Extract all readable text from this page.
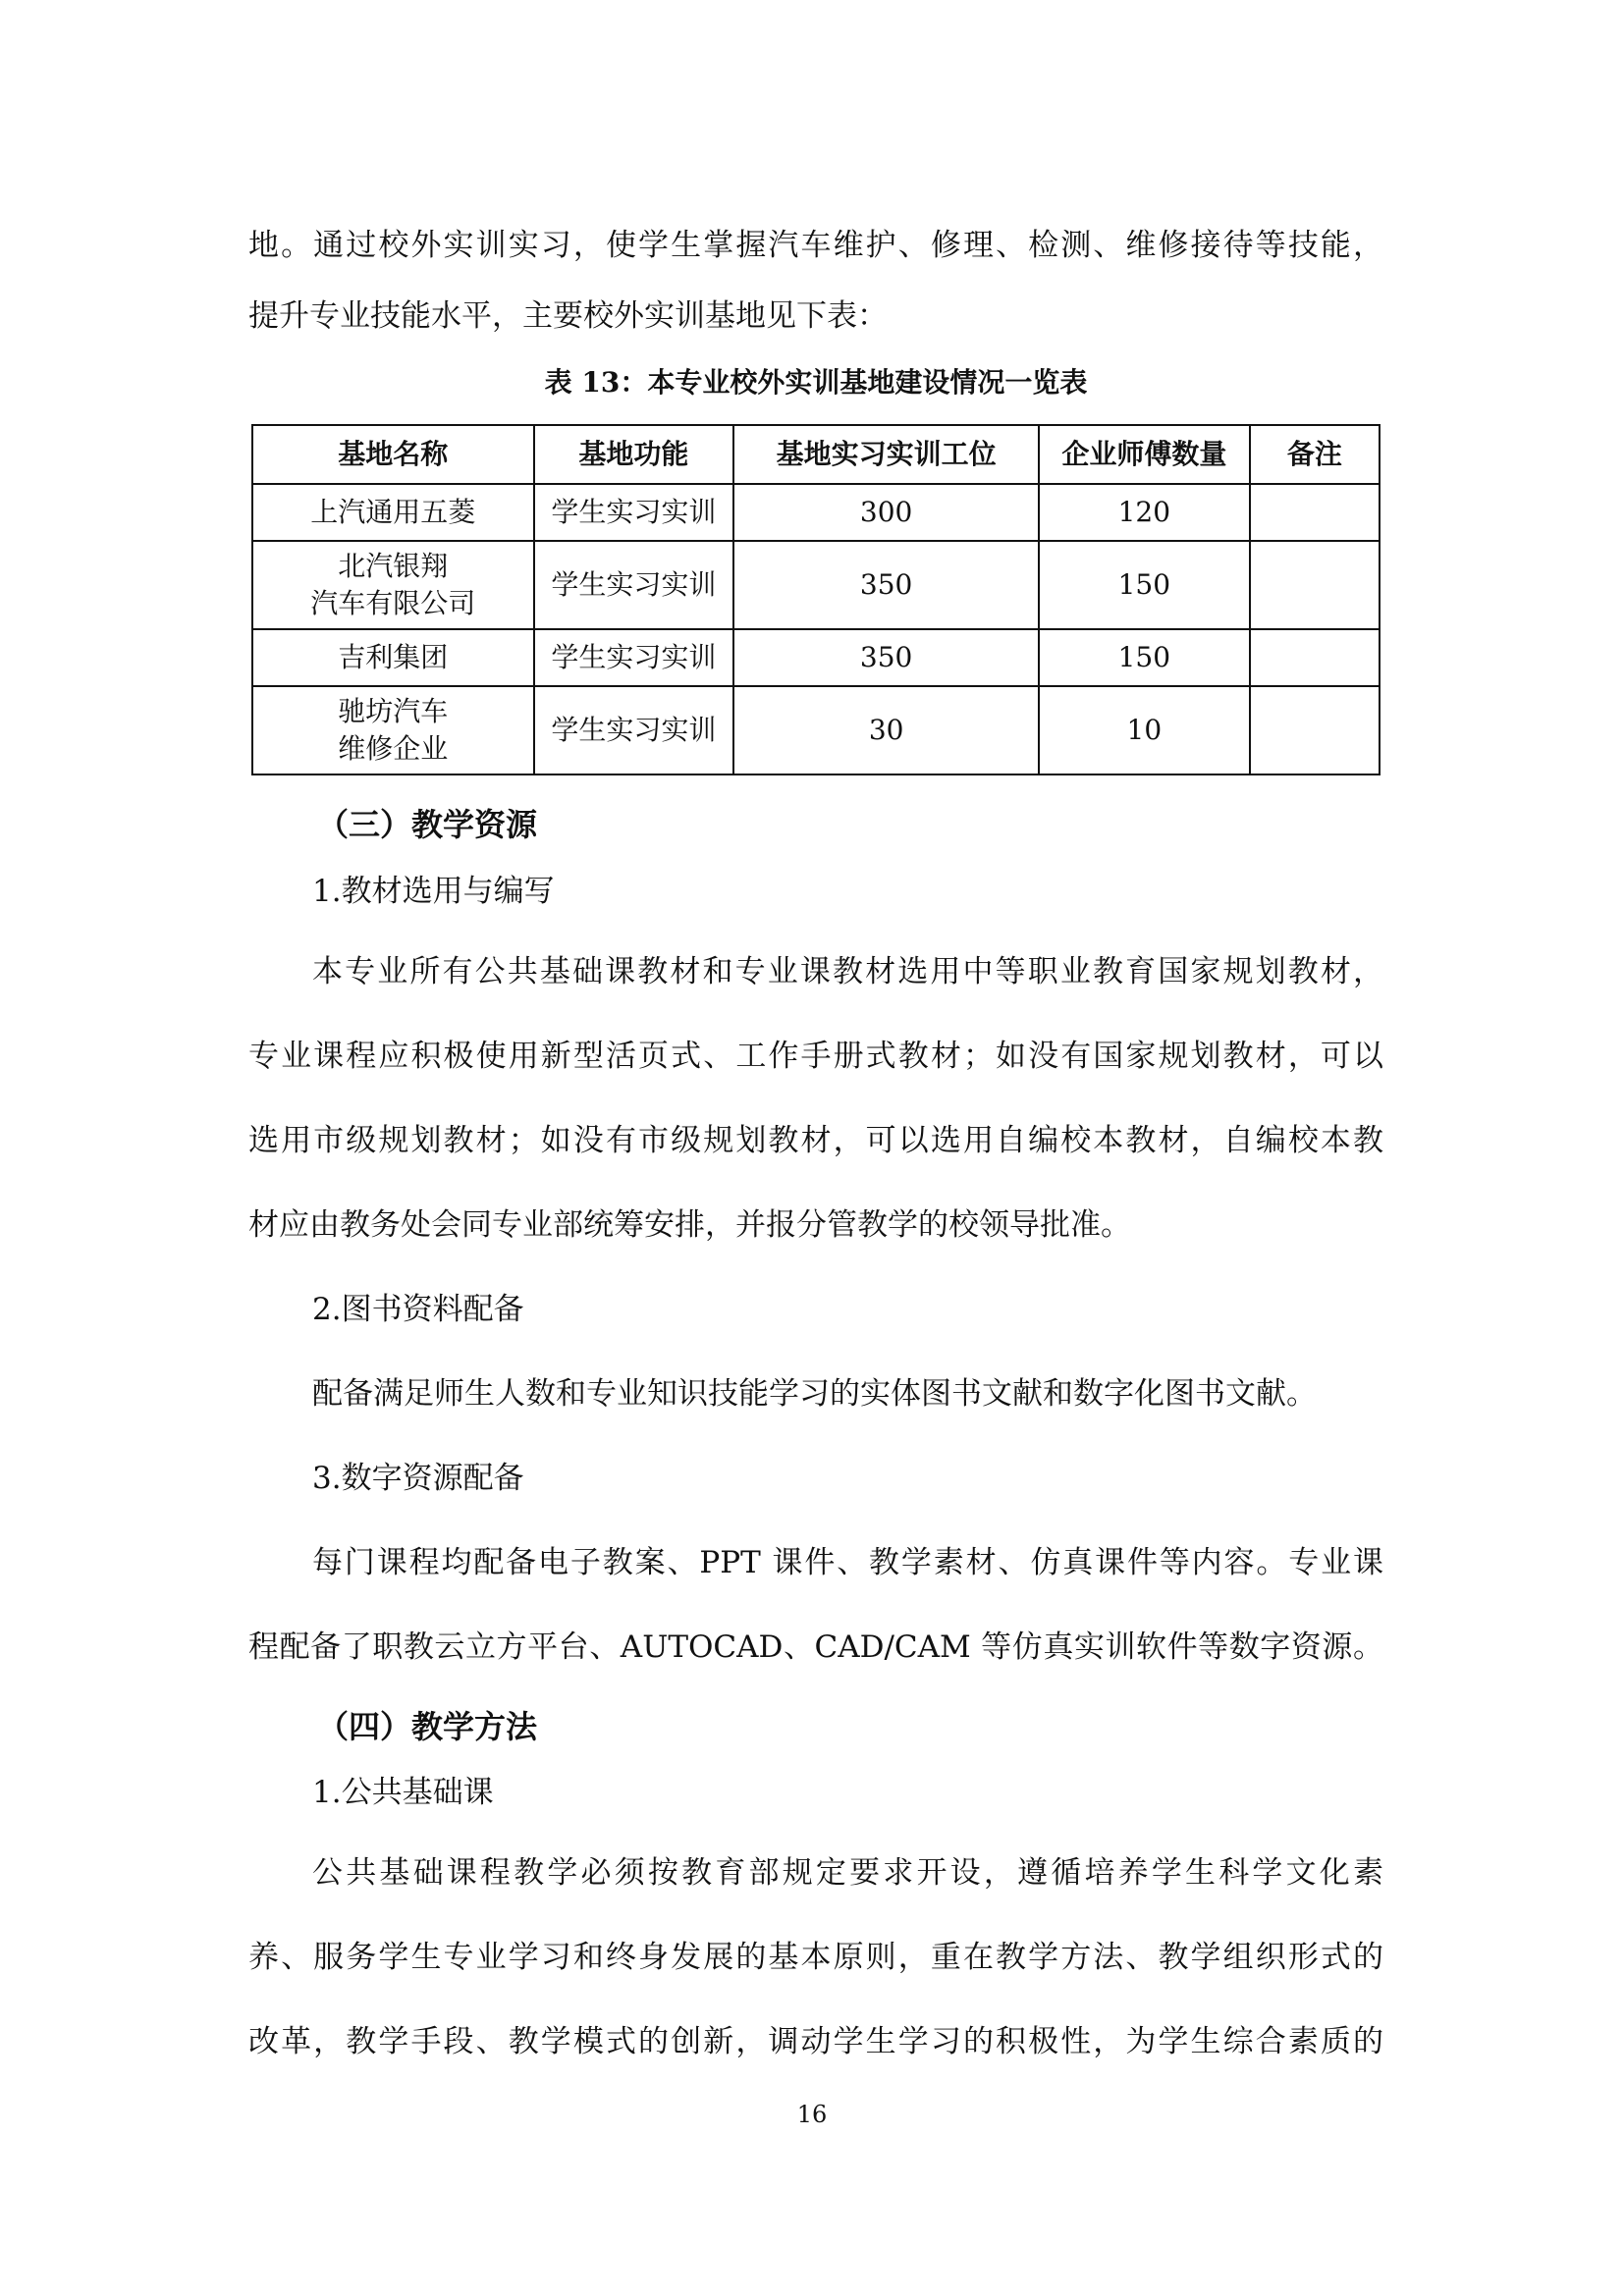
地。通过校外实训实习，使学生掌握汽车维护、修理、检测、维修接待等技能，
提升专业技能水平，主要校外实训基地见下表：
表 13：本专业校外实训基地建设情况一览表
基地名称	基地功能	基地实习实训工位	企业师傅数量	备注
上汽通用五菱	学生实习实训	300	120	

北汽银翔
汽车有限公司	学生实习实训	350	150	
吉利集团	学生实习实训	350	150	

驰坊汽车
维修企业	学生实习实训	30	10	
（三）教学资源
1.教材选用与编写
本专业所有公共基础课教材和专业课教材选用中等职业教育国家规划教材，
专业课程应积极使用新型活页式、工作手册式教材；如没有国家规划教材，可以
选用市级规划教材；如没有市级规划教材，可以选用自编校本教材，自编校本教
材应由教务处会同专业部统筹安排，并报分管教学的校领导批准。
2.图书资料配备
配备满足师生人数和专业知识技能学习的实体图书文献和数字化图书文献。
3.数字资源配备
每门课程均配备电子教案、PPT 课件、教学素材、仿真课件等内容。专业课
程配备了职教云立方平台、AUTOCAD、CAD/CAM 等仿真实训软件等数字资源。
（四）教学方法
1.公共基础课
公共基础课程教学必须按教育部规定要求开设，遵循培养学生科学文化素
养、服务学生专业学习和终身发展的基本原则，重在教学方法、教学组织形式的
改革，教学手段、教学模式的创新，调动学生学习的积极性，为学生综合素质的
16
